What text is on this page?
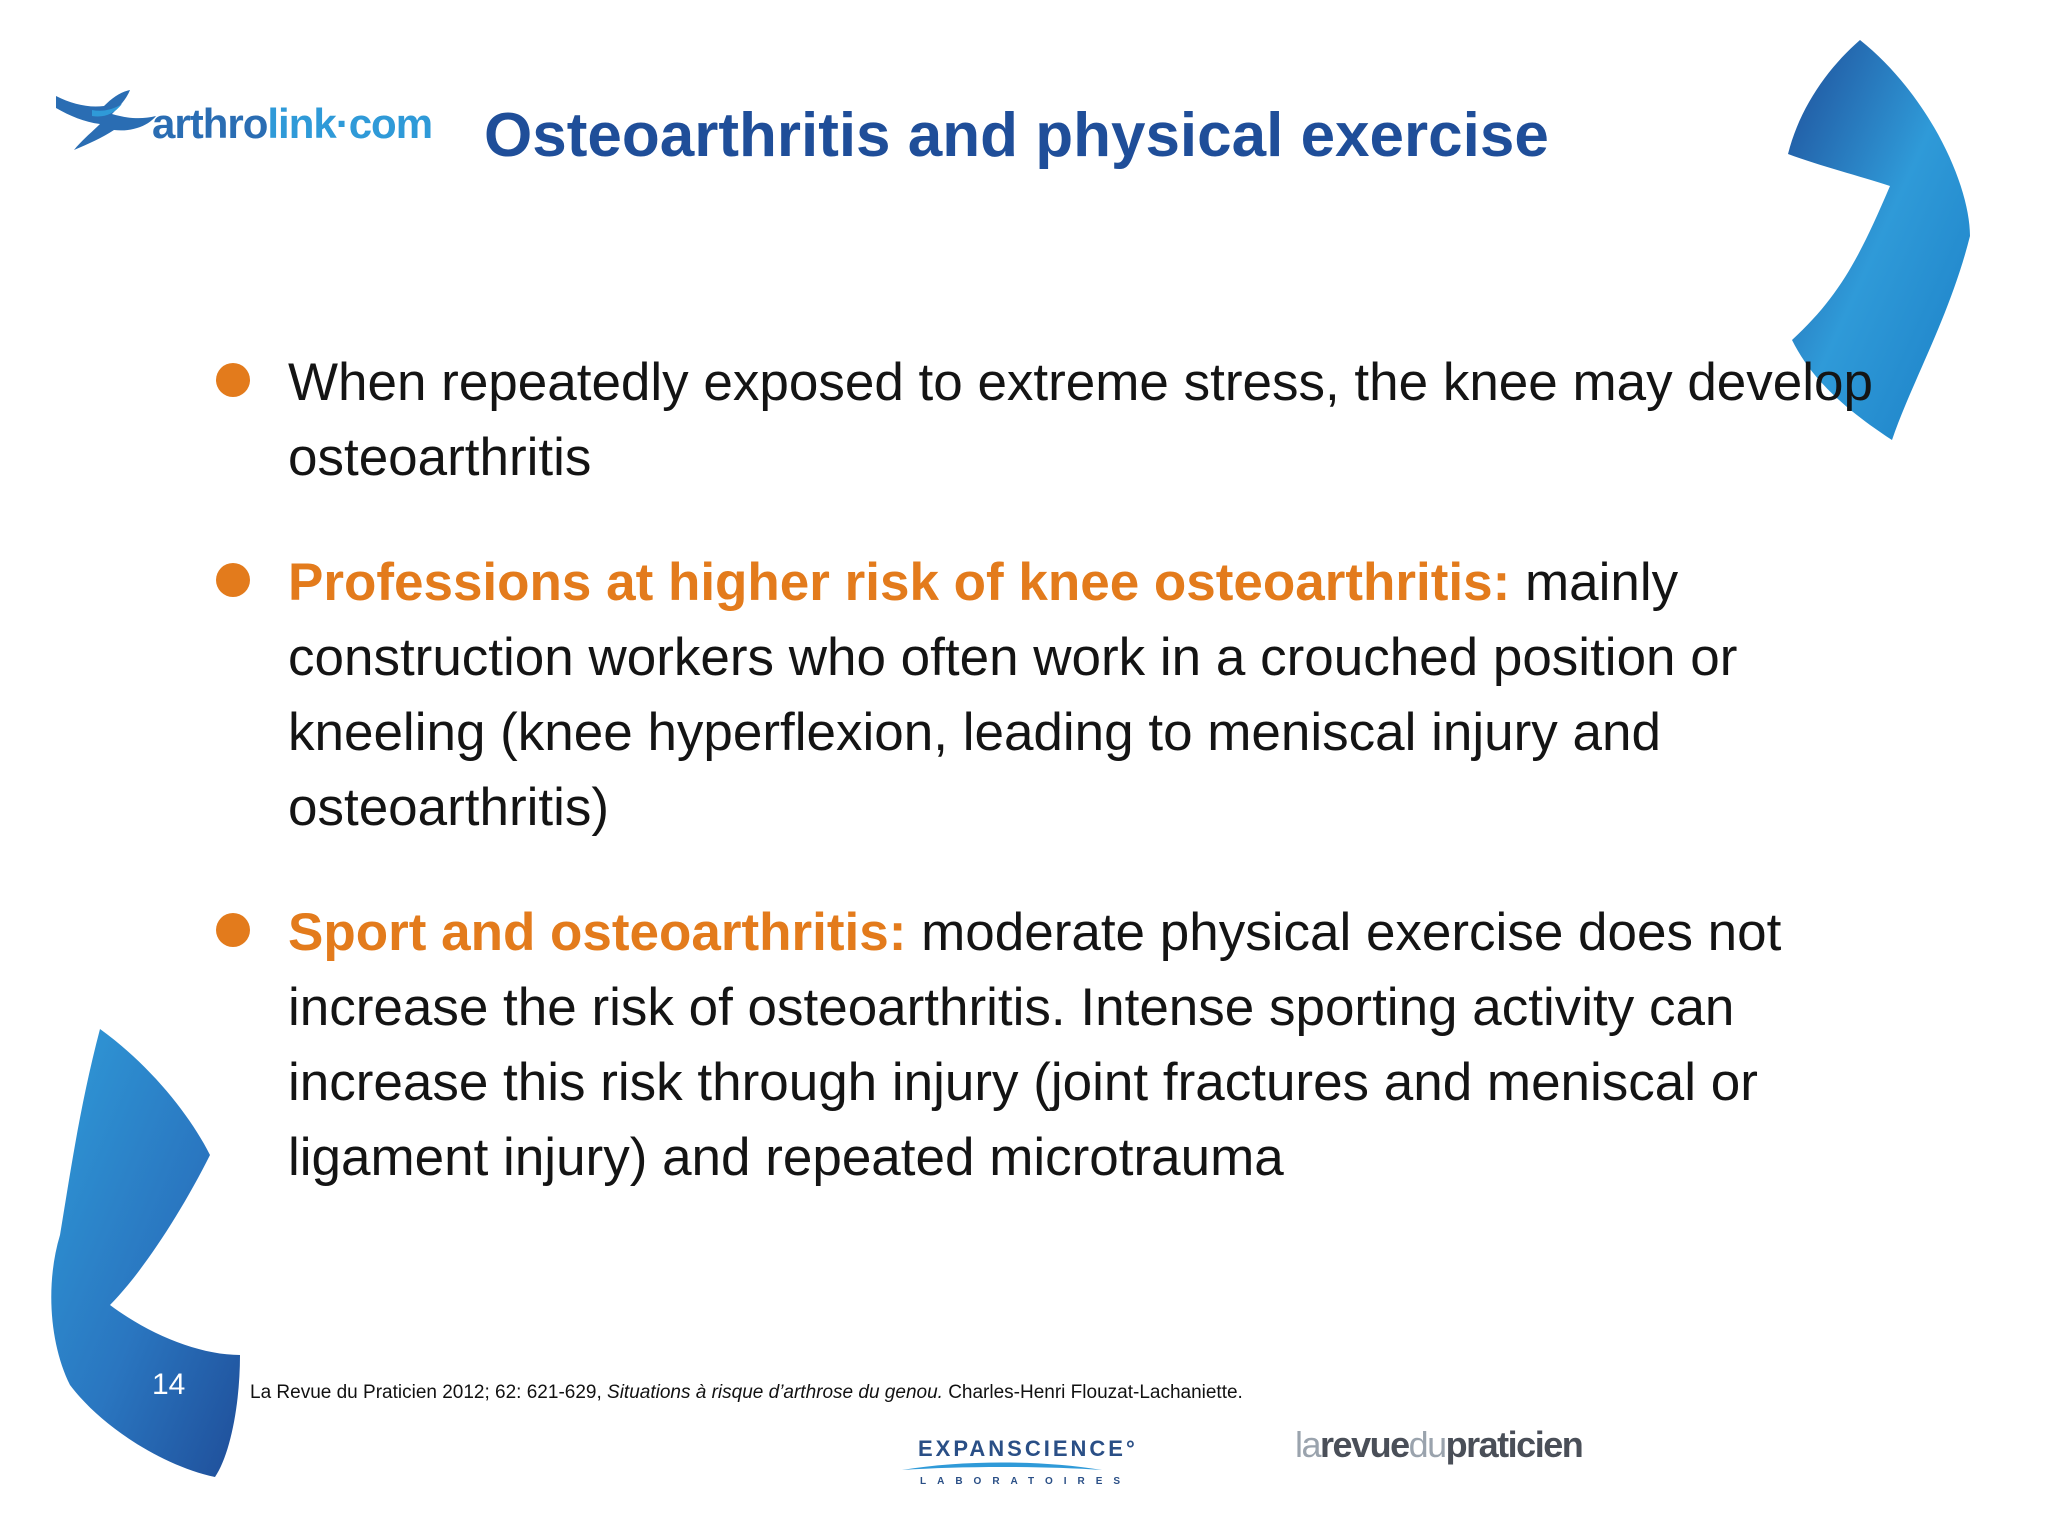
arthrolink·com Osteoarthritis and physical exercise
When repeatedly exposed to extreme stress, the knee may develop osteoarthritis
Professions at higher risk of knee osteoarthritis: mainly construction workers who often work in a crouched position or kneeling (knee hyperflexion, leading to meniscal injury and osteoarthritis)
Sport and osteoarthritis: moderate physical exercise does not increase the risk of osteoarthritis. Intense sporting activity can increase this risk through injury (joint fractures and meniscal or ligament injury) and repeated microtrauma
14	La Revue du Praticien 2012; 62: 621-629, Situations à risque d’arthrose du genou. Charles-Henri Flouzat-Lachaniette.
EXPANSCIENCE°
LABORATOIRES
larevuedupraticien
